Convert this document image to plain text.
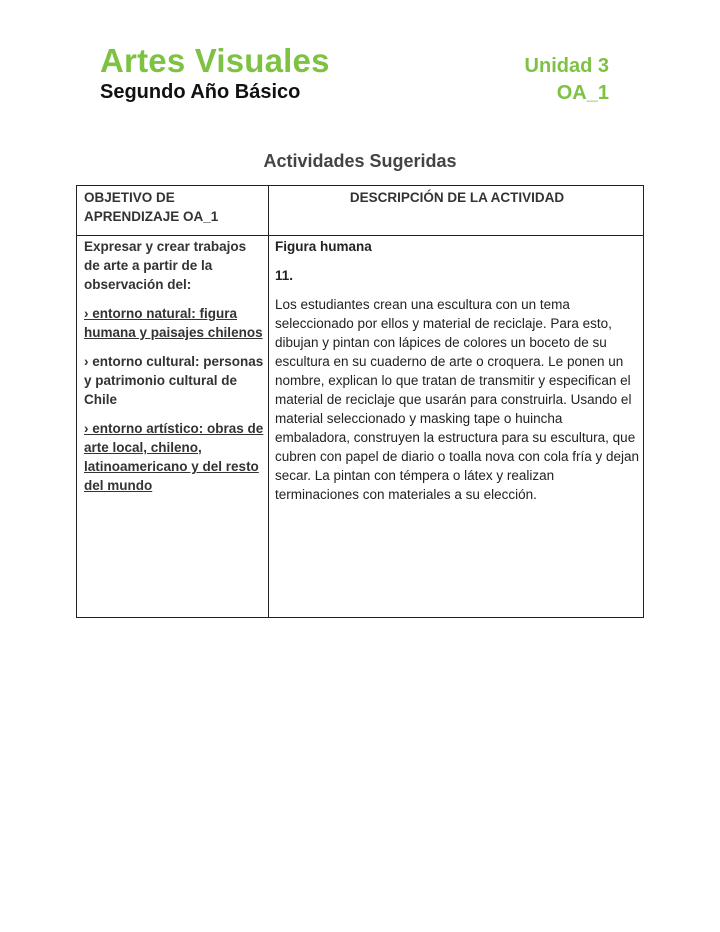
Artes Visuales
Segundo Año Básico
Unidad 3
OA_1
Actividades Sugeridas
OBJETIVO DE APRENDIZAJE OA_1
DESCRIPCIÓN DE LA ACTIVIDAD

Expresar y crear trabajos de arte a partir de la observación del:

› entorno natural: figura humana y paisajes chilenos

› entorno cultural: personas y patrimonio cultural de Chile

› entorno artístico: obras de arte local, chileno, latinoamericano y del resto del mundo

Figura humana

11.

Los estudiantes crean una escultura con un tema seleccionado por ellos y material de reciclaje. Para esto, dibujan y pintan con lápices de colores un boceto de su escultura en su cuaderno de arte o croquera. Le ponen un nombre, explican lo que tratan de transmitir y especifican el material de reciclaje que usarán para construirla. Usando el material seleccionado y masking tape o huincha embaladora, construyen la estructura para su escultura, que cubren con papel de diario o toalla nova con cola fría y dejan secar. La pintan con témpera o látex y realizan terminaciones con materiales a su elección.
